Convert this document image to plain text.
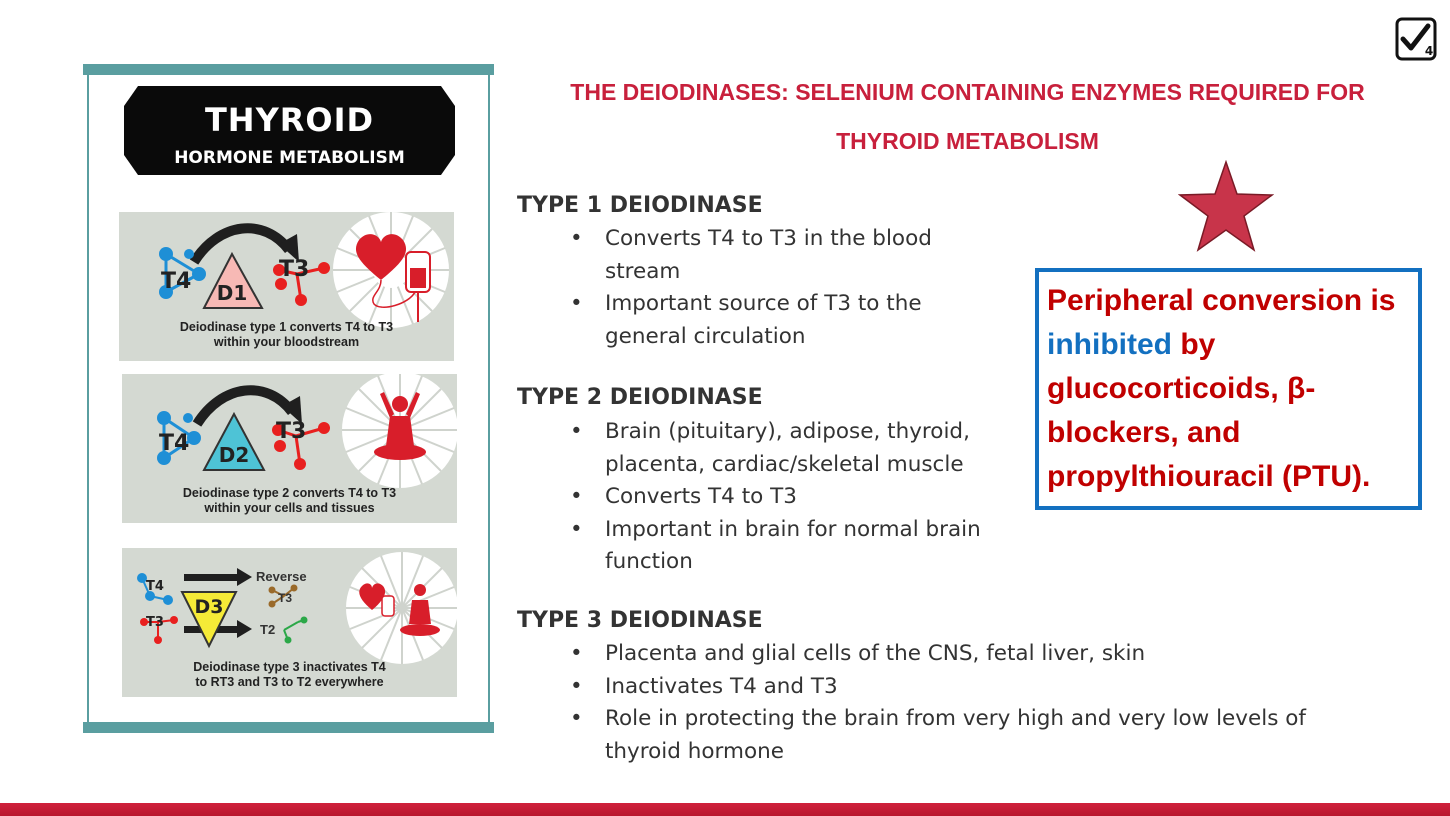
4
THYROID
HORMONE METABOLISM
T4 D1
T3
Deiodinase type 1 converts T4 to T3
within your bloodstream
T4 D2
T3
Deiodinase type 2 converts T4 to T3
within your cells and tissues
T4
T3
D3
Reverse
T3
T2
Deiodinase type 3 inactivates T4
to RT3 and T3 to T2 everywhere
THE DEIODINASES: SELENIUM CONTAINING ENZYMES REQUIRED FOR
THYROID METABOLISM
TYPE 1 DEIODINASE
• Converts T4 to T3 in the blood
stream
• Important source of T3 to the
general circulation
TYPE 2 DEIODINASE
• Brain (pituitary), adipose, thyroid,
placenta, cardiac/skeletal muscle
• Converts T4 to T3
• Important in brain for normal brain
function
TYPE 3 DEIODINASE
• Placenta and glial cells of the CNS, fetal liver, skin
• Inactivates T4 and T3
• Role in protecting the brain from very high and very low levels of
thyroid hormone
Peripheral conversion is
inhibited by
glucocorticoids, β-
blockers, and
propylthiouracil (PTU).
